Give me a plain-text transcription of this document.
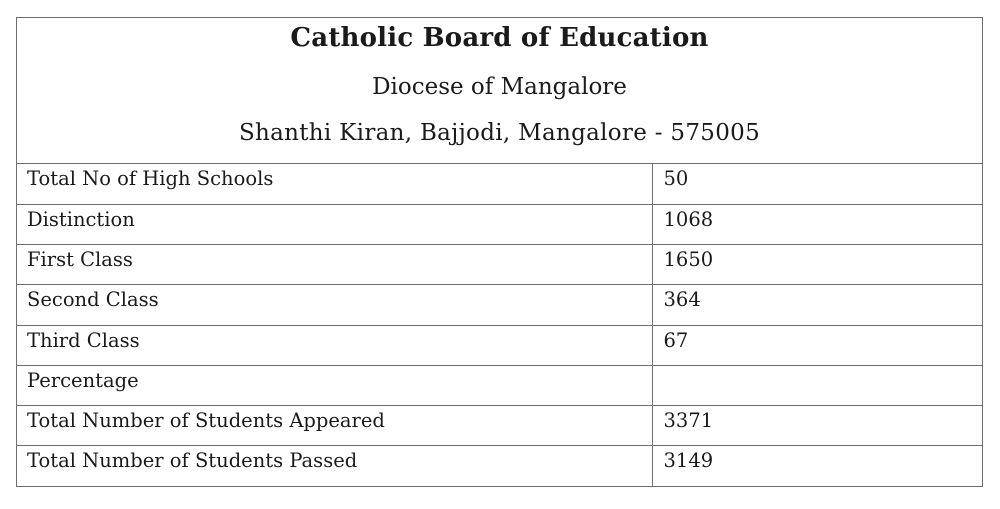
Catholic Board of Education
Diocese of Mangalore
Shanthi Kiran, Bajjodi, Mangalore - 575005
Total No of High Schools	50
Distinction	1068
First Class	1650
Second Class	364
Third Class	67
Percentage	
Total Number of Students Appeared	3371
Total Number of Students Passed	3149
